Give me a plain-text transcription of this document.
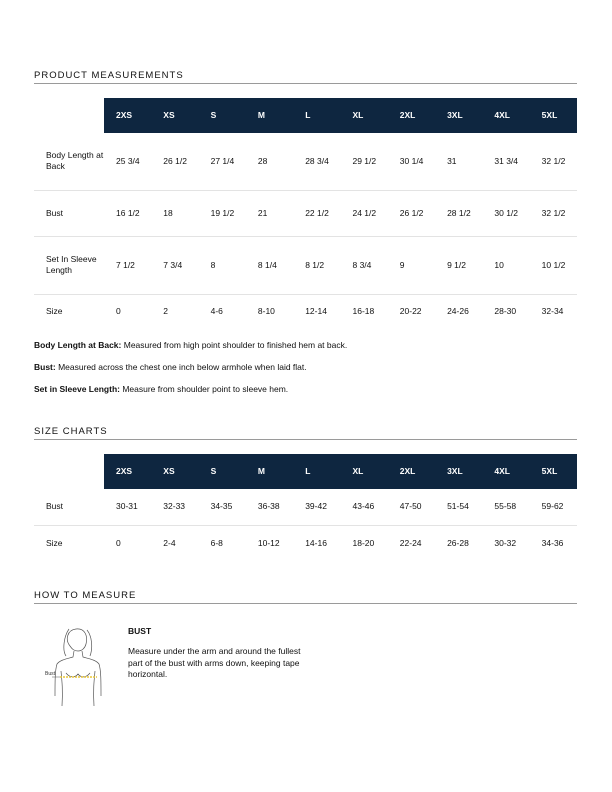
PRODUCT MEASUREMENTS
	2XS	XS	S	M	L	XL	2XL	3XL	4XL	5XL
Body Length at Back	25 3/4	26 1/2	27 1/4	28	28 3/4	29 1/2	30 1/4	31	31 3/4	32 1/2
Bust	16 1/2	18	19 1/2	21	22 1/2	24 1/2	26 1/2	28 1/2	30 1/2	32 1/2
Set In Sleeve Length	7 1/2	7 3/4	8	8 1/4	8 1/2	8 3/4	9	9 1/2	10	10 1/2
Size	0	2	4-6	8-10	12-14	16-18	20-22	24-26	28-30	32-34
Body Length at Back: Measured from high point shoulder to finished hem at back.
Bust: Measured across the chest one inch below armhole when laid flat.
Set in Sleeve Length: Measure from shoulder point to sleeve hem.
SIZE CHARTS
	2XS	XS	S	M	L	XL	2XL	3XL	4XL	5XL
Bust	30-31	32-33	34-35	36-38	39-42	43-46	47-50	51-54	55-58	59-62
Size	0	2-4	6-8	10-12	14-16	18-20	22-24	26-28	30-32	34-36
HOW TO MEASURE
Bust
BUST
Measure under the arm and around the fullest part of the bust with arms down, keeping tape horizontal.
